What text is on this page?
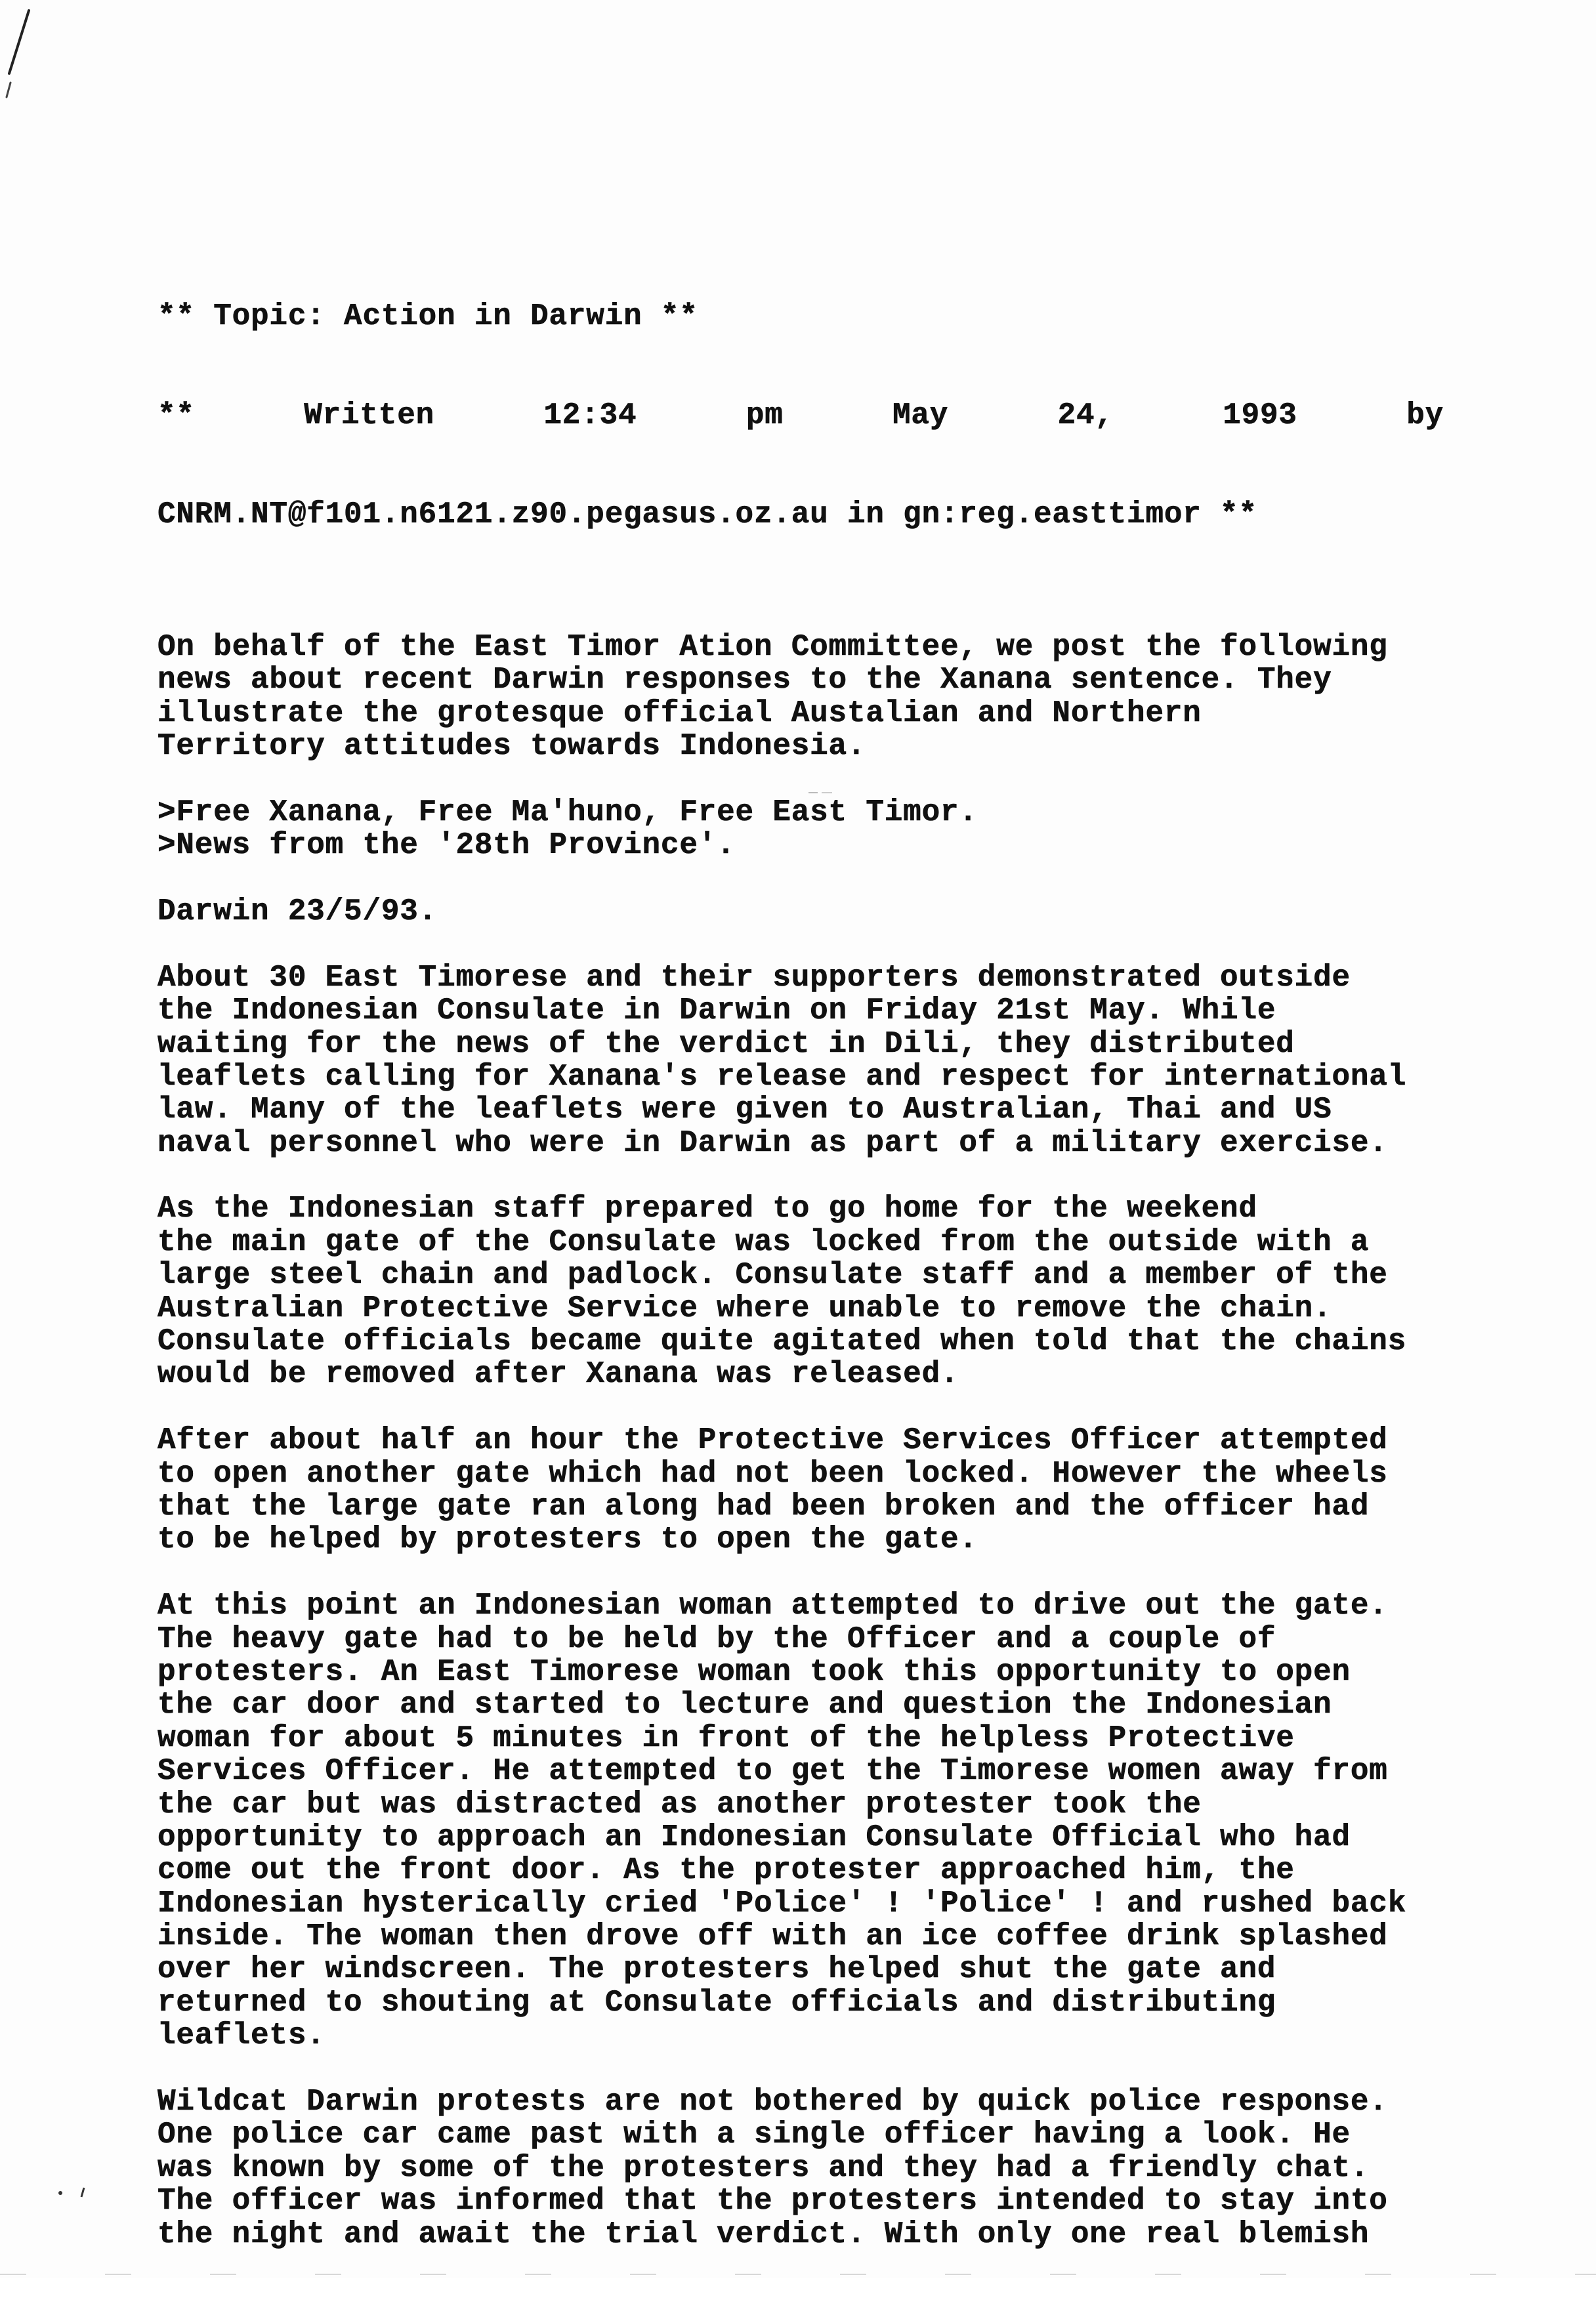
** Topic: Action in Darwin **

**	Written	12:34	pm	May	24,	1993	by

CNRM.NT@f101.n6121.z90.pegasus.oz.au in gn:reg.easttimor **

On behalf of the East Timor Ation Committee, we post the following
news about recent Darwin responses to the Xanana sentence. They
illustrate the grotesque official Austalian and Northern
Territory attitudes towards Indonesia.
>Free Xanana, Free Ma'huno, Free East Timor.
>News from the '28th Province'.
Darwin 23/5/93.
About 30 East Timorese and their supporters demonstrated outside
the Indonesian Consulate in Darwin on Friday 21st May. While
waiting for the news of the verdict in Dili, they distributed
leaflets calling for Xanana's release and respect for international
law. Many of the leaflets were given to Australian, Thai and US
naval personnel who were in Darwin as part of a military exercise.
As the Indonesian staff prepared to go home for the weekend
the main gate of the Consulate was locked from the outside with a
large steel chain and padlock. Consulate staff and a member of the
Australian Protective Service where unable to remove the chain.
Consulate officials became quite agitated when told that the chains
would be removed after Xanana was released.
After about half an hour the Protective Services Officer attempted
to open another gate which had not been locked. However the wheels
that the large gate ran along had been broken and the officer had
to be helped by protesters to open the gate.
At this point an Indonesian woman attempted to drive out the gate.
The heavy gate had to be held by the Officer and a couple of
protesters. An East Timorese woman took this opportunity to open
the car door and started to lecture and question the Indonesian
woman for about 5 minutes in front of the helpless Protective
Services Officer. He attempted to get the Timorese women away from
the car but was distracted as another protester took the
opportunity to approach an Indonesian Consulate Official who had
come out the front door. As the protester approached him, the
Indonesian hysterically cried 'Police' ! 'Police' ! and rushed back
inside. The woman then drove off with an ice coffee drink splashed
over her windscreen. The protesters helped shut the gate and
returned to shouting at Consulate officials and distributing
leaflets.
Wildcat Darwin protests are not bothered by quick police response.
One police car came past with a single officer having a look. He
was known by some of the protesters and they had a friendly chat.
The officer was informed that the protesters intended to stay into
the night and await the trial verdict. With only one real blemish
